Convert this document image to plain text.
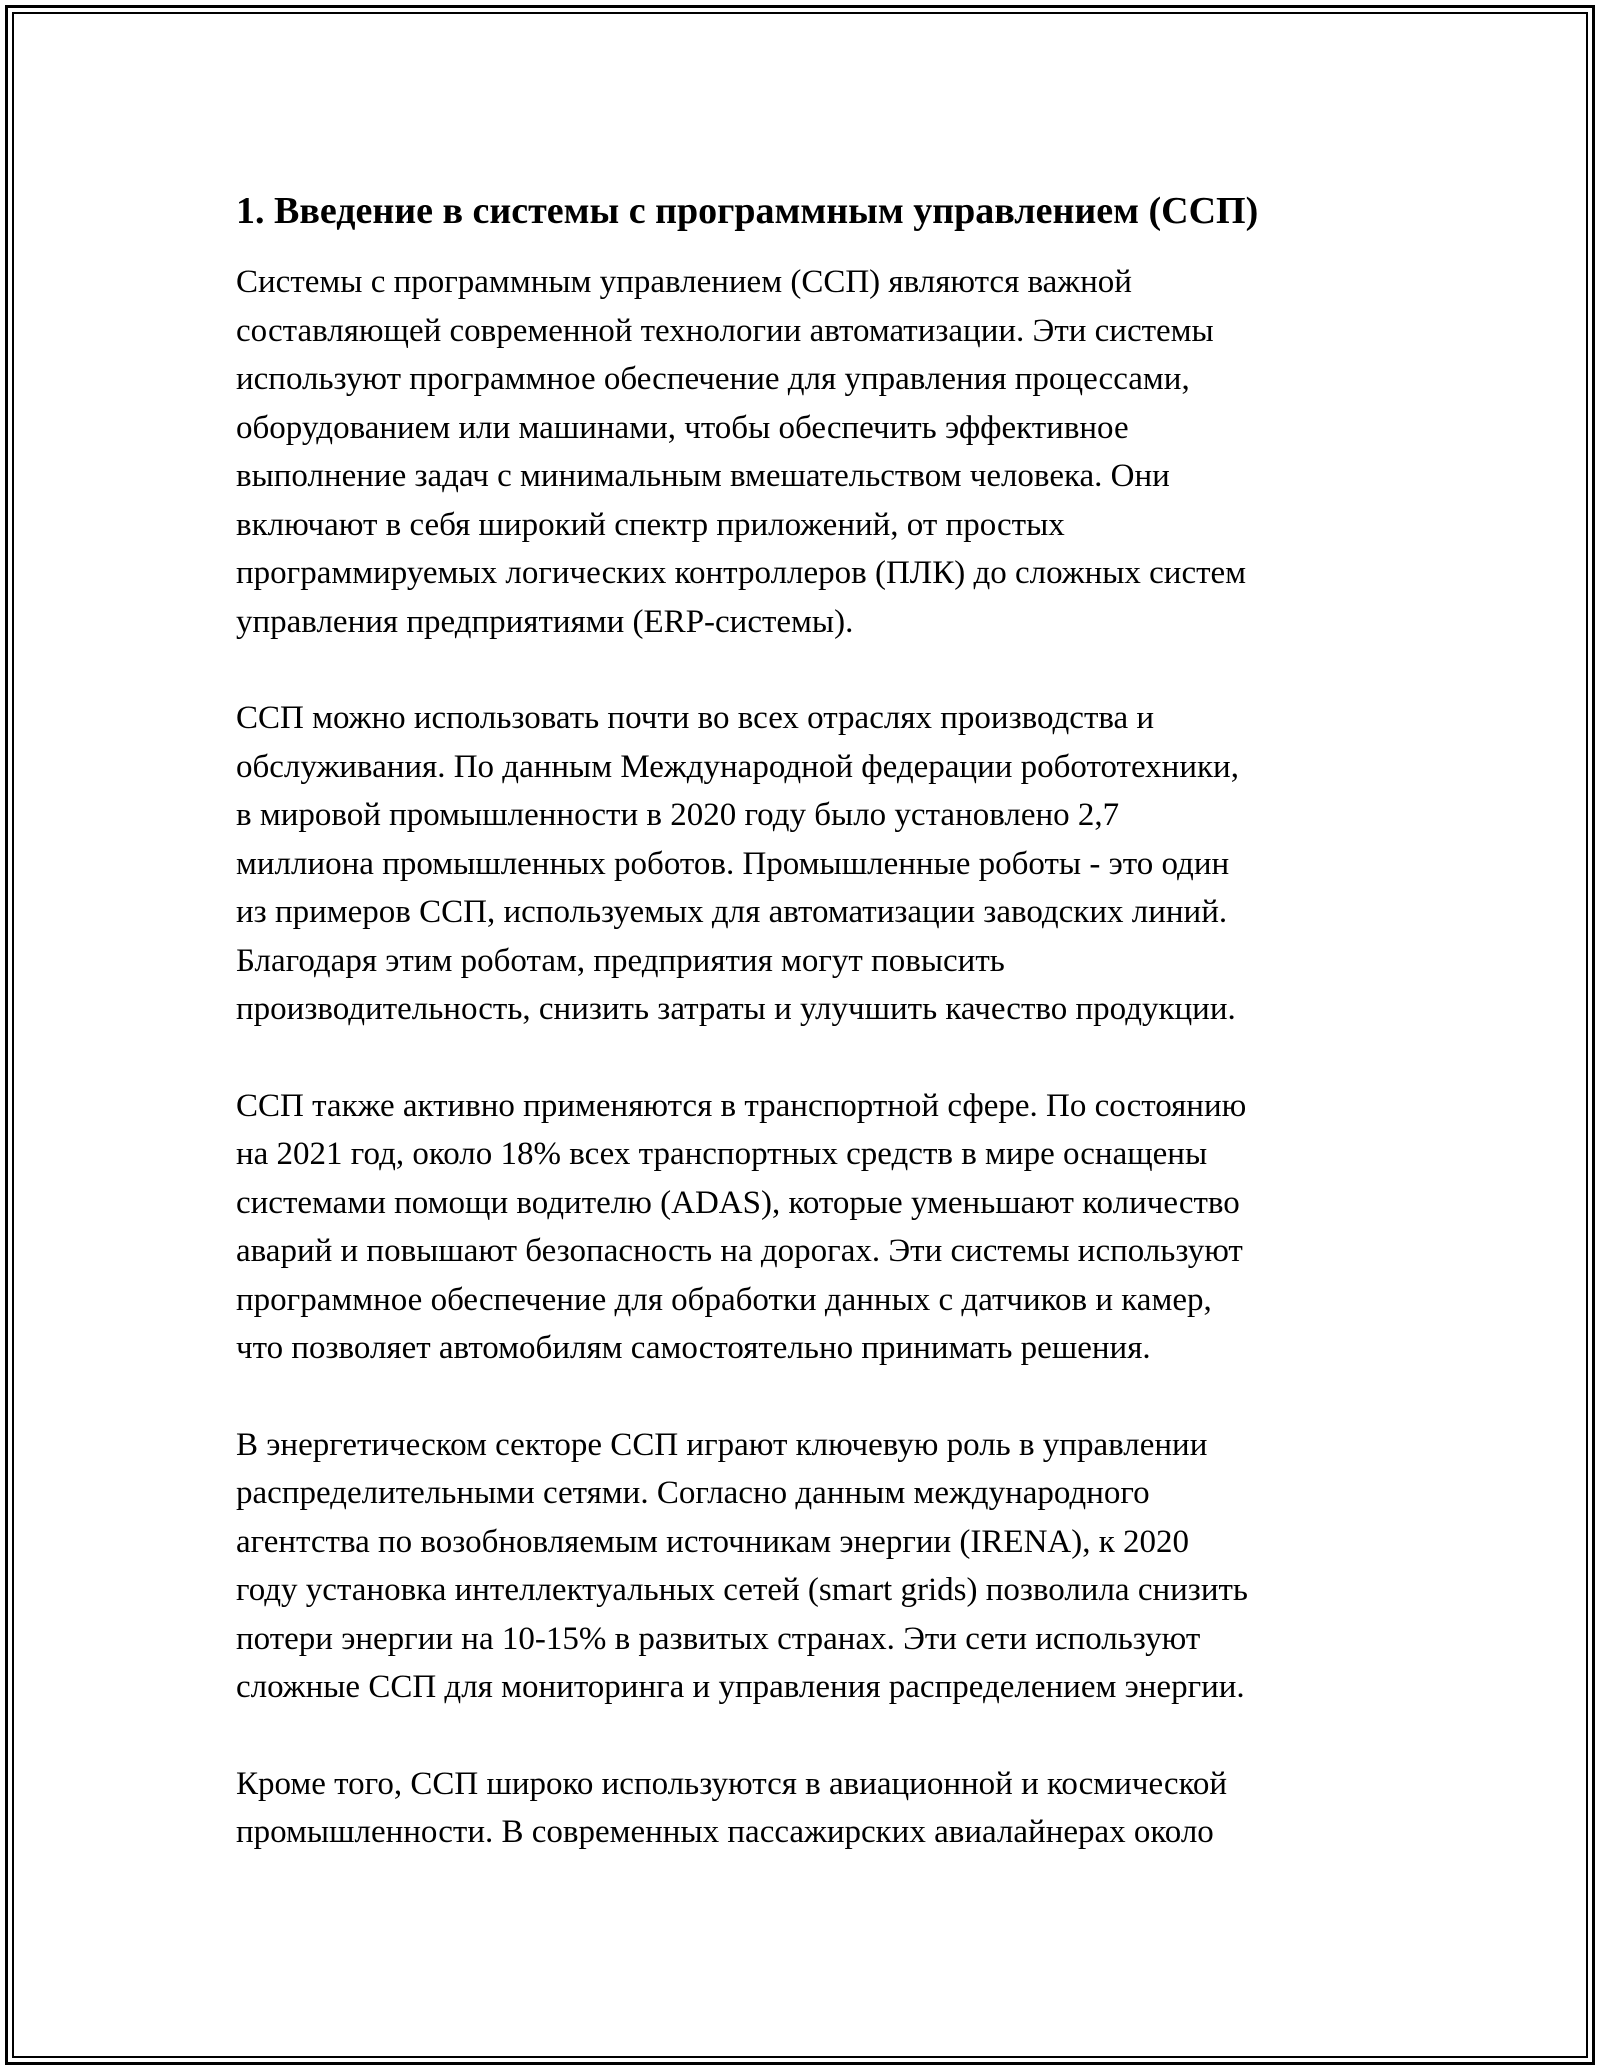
1. Введение в системы с программным управлением (ССП)

Системы с программным управлением (ССП) являются важной
составляющей современной технологии автоматизации. Эти системы
используют программное обеспечение для управления процессами,
оборудованием или машинами, чтобы обеспечить эффективное
выполнение задач с минимальным вмешательством человека. Они
включают в себя широкий спектр приложений, от простых
программируемых логических контроллеров (ПЛК) до сложных систем
управления предприятиями (ERP-системы).

ССП можно использовать почти во всех отраслях производства и
обслуживания. По данным Международной федерации робототехники,
в мировой промышленности в 2020 году было установлено 2,7
миллиона промышленных роботов. Промышленные роботы - это один
из примеров ССП, используемых для автоматизации заводских линий.
Благодаря этим роботам, предприятия могут повысить
производительность, снизить затраты и улучшить качество продукции.

ССП также активно применяются в транспортной сфере. По состоянию
на 2021 год, около 18% всех транспортных средств в мире оснащены
системами помощи водителю (ADAS), которые уменьшают количество
аварий и повышают безопасность на дорогах. Эти системы используют
программное обеспечение для обработки данных с датчиков и камер,
что позволяет автомобилям самостоятельно принимать решения.

В энергетическом секторе ССП играют ключевую роль в управлении
распределительными сетями. Согласно данным международного
агентства по возобновляемым источникам энергии (IRENA), к 2020
году установка интеллектуальных сетей (smart grids) позволила снизить
потери энергии на 10-15% в развитых странах. Эти сети используют
сложные ССП для мониторинга и управления распределением энергии.

Кроме того, ССП широко используются в авиационной и космической
промышленности. В современных пассажирских авиалайнерах около
